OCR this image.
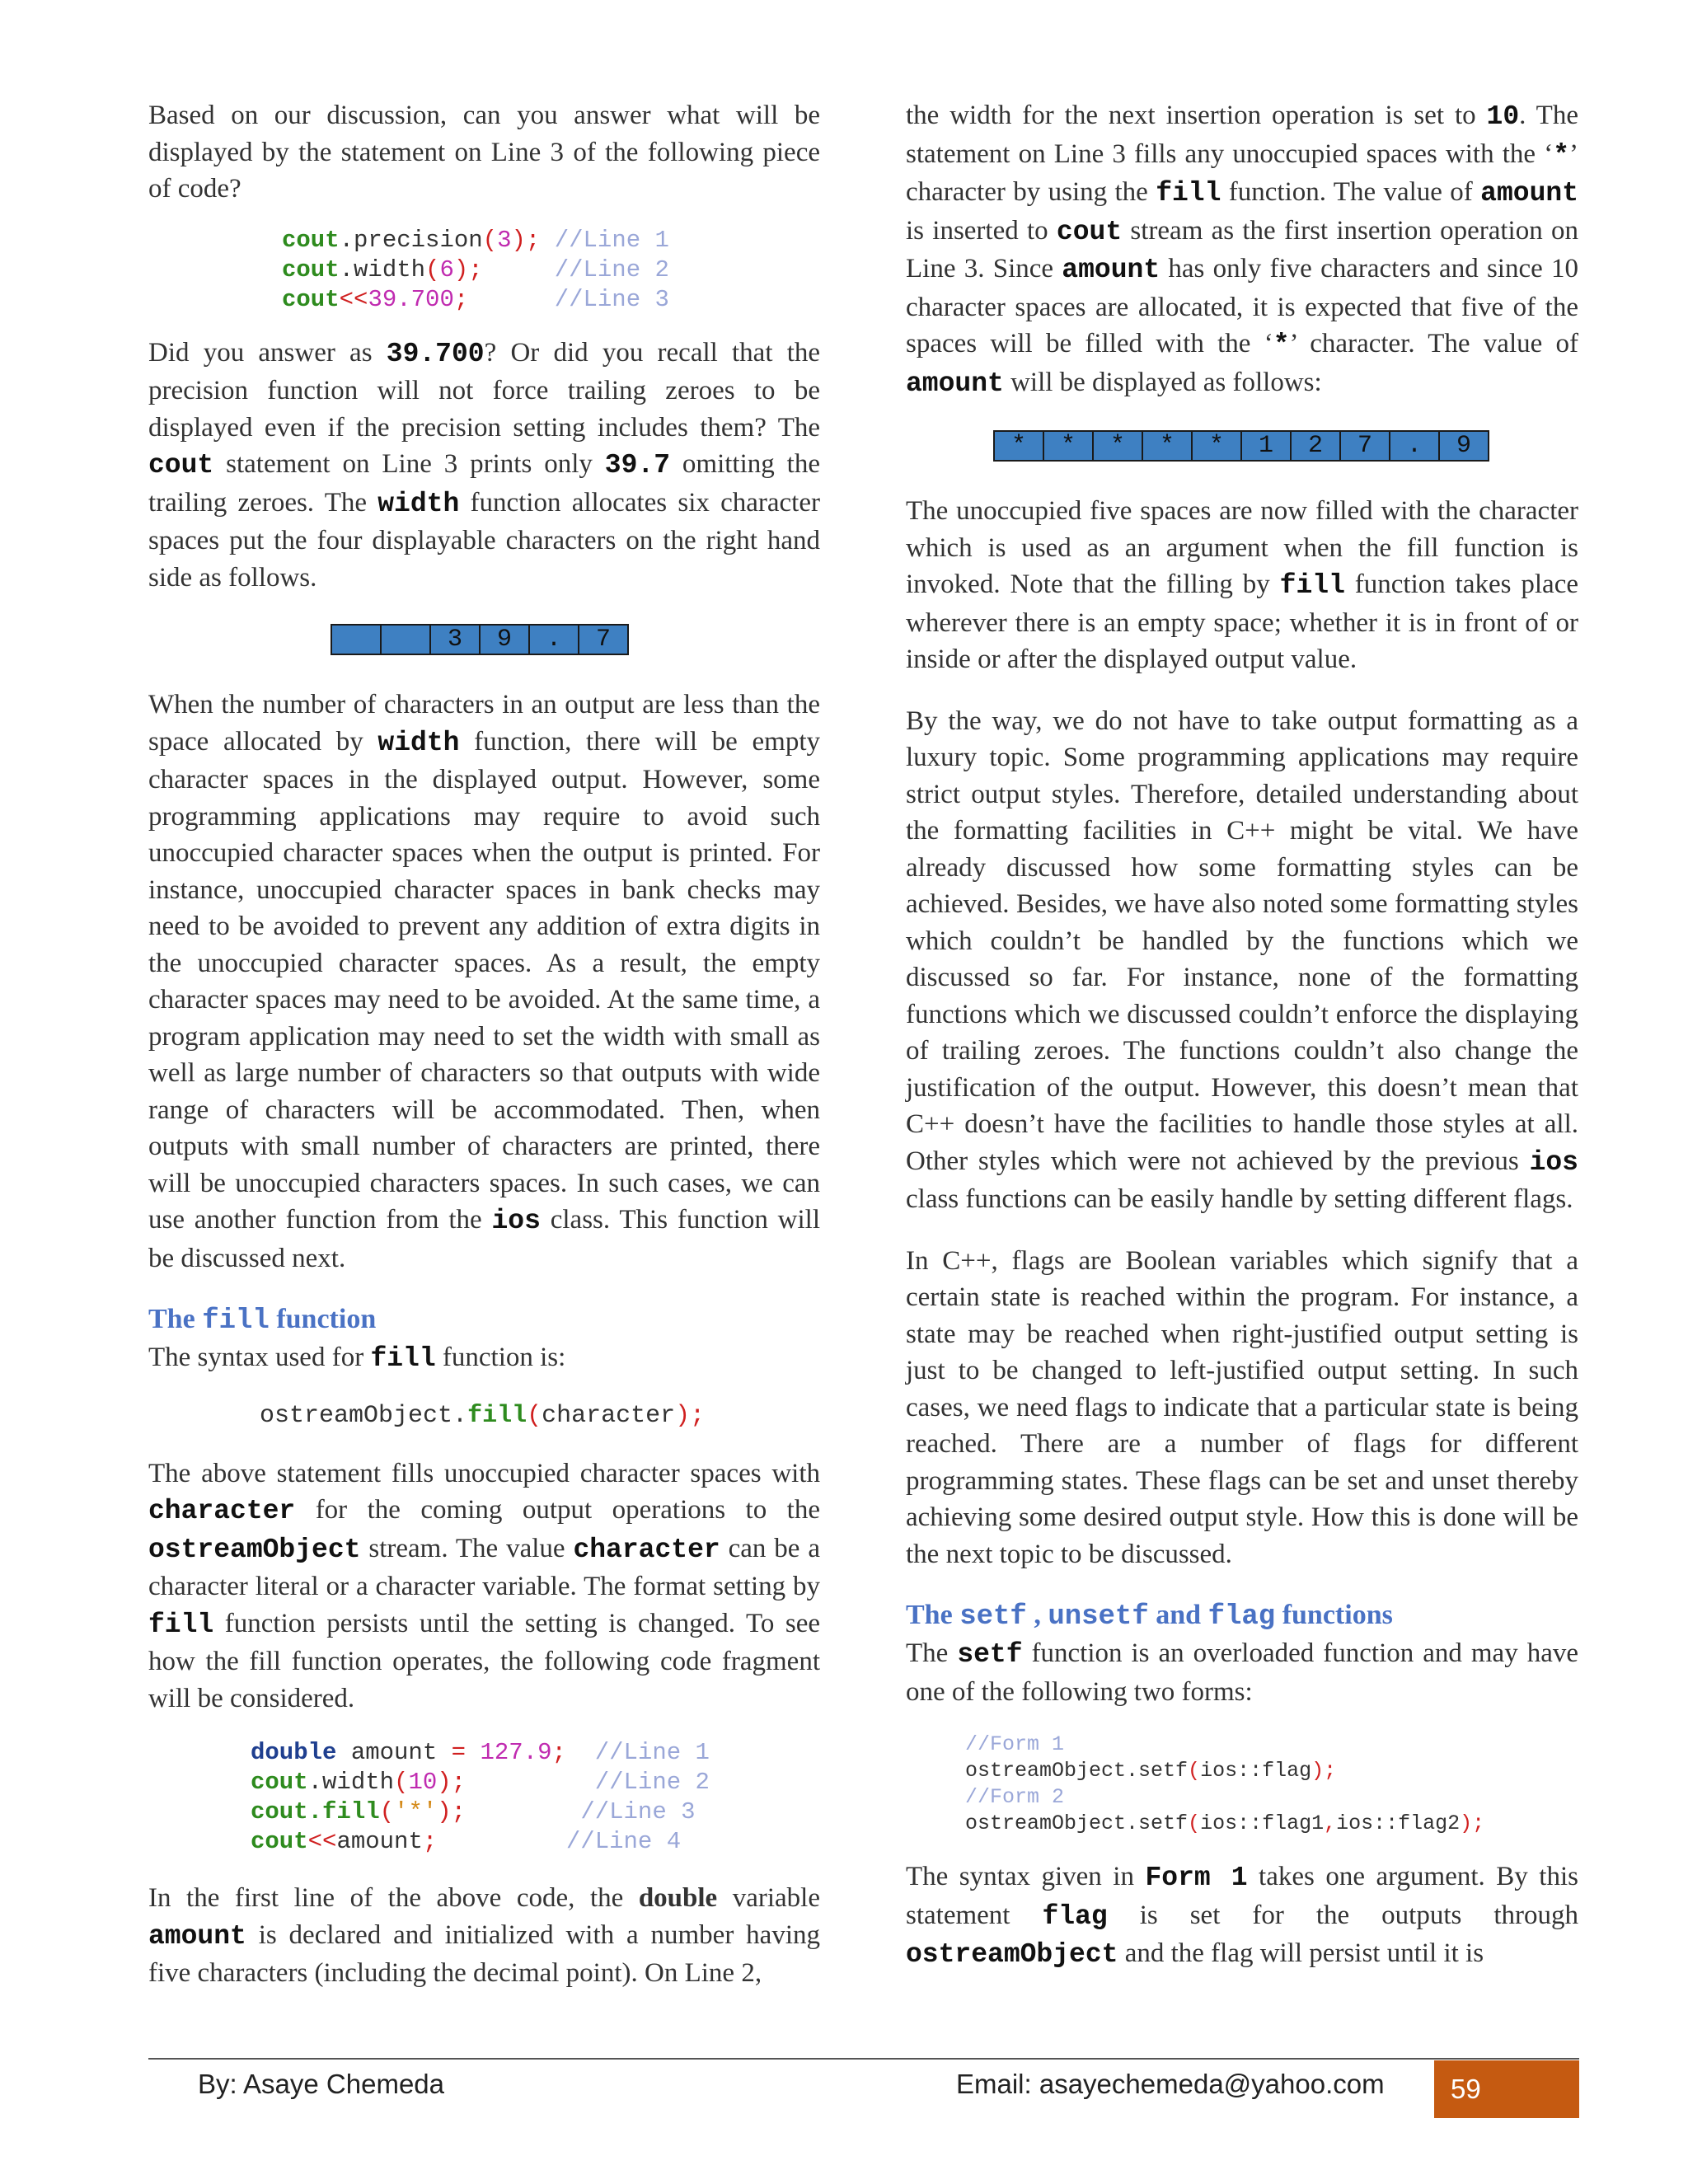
Based on our discussion, can you answer what will be displayed by the statement on Line 3 of the following piece of code?

cout.precision(3); //Line 1
cout.width(6);	//Line 2
cout<<39.700;	//Line 3

Did you answer as 39.700? Or did you recall that the precision function will not force trailing zeroes to be displayed even if the precision setting includes them? The cout statement on Line 3 prints only 39.7 omitting the trailing zeroes. The width function allocates six character spaces put the four displayable characters on the right hand side as follows.

3	9	.	7

When the number of characters in an output are less than the space allocated by width function, there will be empty character spaces in the displayed output. However, some programming applications may require to avoid such unoccupied character spaces when the output is printed. For instance, unoccupied character spaces in bank checks may need to be avoided to prevent any addition of extra digits in the unoccupied character spaces. As a result, the empty character spaces may need to be avoided. At the same time, a program application may need to set the width with small as well as large number of characters so that outputs with wide range of characters will be accommodated. Then, when outputs with small number of characters are printed, there will be unoccupied characters spaces. In such cases, we can use another function from the ios class. This function will be discussed next.

The fill function

The syntax used for fill function is:

ostreamObject.fill(character);

The above statement fills unoccupied character spaces with character for the coming output operations to the ostreamObject stream. The value character can be a character literal or a character variable. The format setting by fill function persists until the setting is changed. To see how the fill function operates, the following code fragment will be considered.

double amount = 127.9; //Line 1
cout.width(10);	//Line 2
cout.fill('*');	//Line 3
cout<<amount;	//Line 4

In the first line of the above code, the double variable amount is declared and initialized with a number having five characters (including the decimal point). On Line 2,

the width for the next insertion operation is set to 10. The statement on Line 3 fills any unoccupied spaces with the ‘*’ character by using the fill function. The value of amount is inserted to cout stream as the first insertion operation on Line 3. Since amount has only five characters and since 10 character spaces are allocated, it is expected that five of the spaces will be filled with the ‘*’ character. The value of amount will be displayed as follows:

*	*	*	*	*	1	2	7	.	9

The unoccupied five spaces are now filled with the character which is used as an argument when the fill function is invoked. Note that the filling by fill function takes place wherever there is an empty space; whether it is in front of or inside or after the displayed output value.

By the way, we do not have to take output formatting as a luxury topic. Some programming applications may require strict output styles. Therefore, detailed understanding about the formatting facilities in C++ might be vital. We have already discussed how some formatting styles can be achieved. Besides, we have also noted some formatting styles which couldn’t be handled by the functions which we discussed so far. For instance, none of the formatting functions which we discussed couldn’t enforce the displaying of trailing zeroes. The functions couldn’t also change the justification of the output. However, this doesn’t mean that C++ doesn’t have the facilities to handle those styles at all. Other styles which were not achieved by the previous ios class functions can be easily handle by setting different flags.

In C++, flags are Boolean variables which signify that a certain state is reached within the program. For instance, a state may be reached when right-justified output setting is just to be changed to left-justified output setting. In such cases, we need flags to indicate that a particular state is being reached. There are a number of flags for different programming states. These flags can be set and unset thereby achieving some desired output style. How this is done will be the next topic to be discussed.

The setf , unsetf and flag functions

The setf function is an overloaded function and may have one of the following two forms:

//Form 1
ostreamObject.setf(ios::flag);
//Form 2
ostreamObject.setf(ios::flag1,ios::flag2);

The syntax given in Form 1 takes one argument. By this statement flag is set for the outputs through ostreamObject and the flag will persist until it is

By: Asaye Chemeda	Email: asayechemeda@yahoo.com	59
